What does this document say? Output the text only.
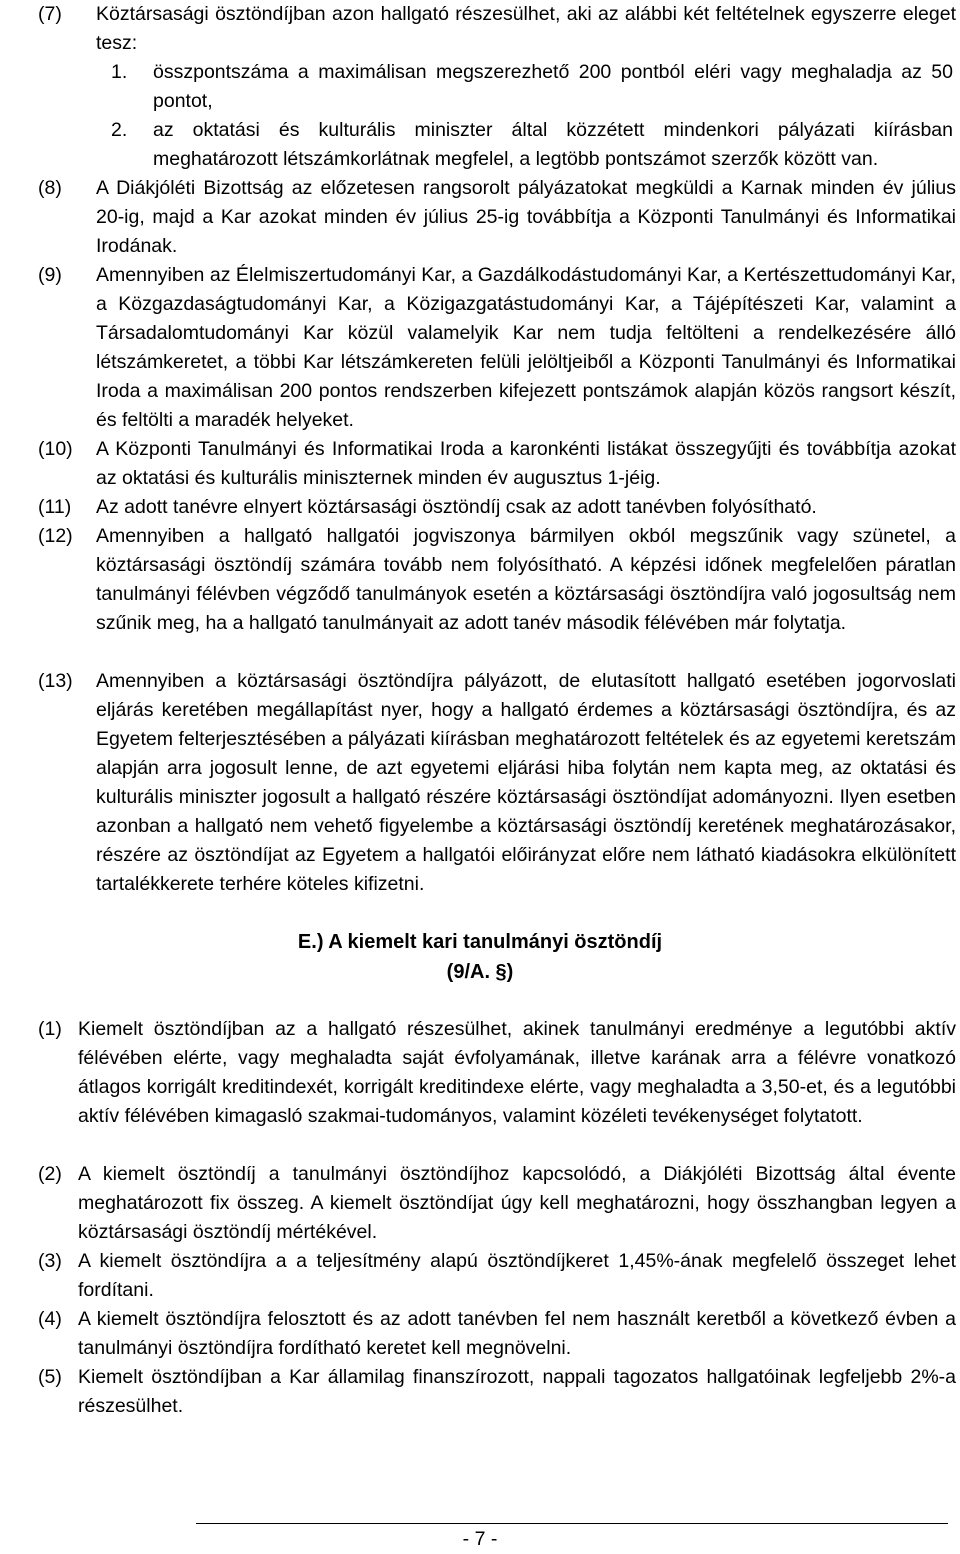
(7) Köztársasági ösztöndíjban azon hallgató részesülhet, aki az alábbi két feltételnek egyszerre eleget tesz:
1. összpontszáma a maximálisan megszerezhető 200 pontból eléri vagy meghaladja az 50 pontot,
2. az oktatási és kulturális miniszter által közzétett mindenkori pályázati kiírásban meghatározott létszámkorlátnak megfelel, a legtöbb pontszámot szerzők között van.
(8) A Diákjóléti Bizottság az előzetesen rangsorolt pályázatokat megküldi a Karnak minden év július 20-ig, majd a Kar azokat minden év július 25-ig továbbítja a Központi Tanulmányi és Informatikai Irodának.
(9) Amennyiben az Élelmiszertudományi Kar, a Gazdálkodástudományi Kar, a Kertészettudományi Kar, a Közgazdaságtudományi Kar, a Közigazgatástudományi Kar, a Tájépítészeti Kar, valamint a Társadalomtudományi Kar közül valamelyik Kar nem tudja feltölteni a rendelkezésére álló létszámkeretet, a többi Kar létszámkereten felüli jelöltjeiből a Központi Tanulmányi és Informatikai Iroda a maximálisan 200 pontos rendszerben kifejezett pontszámok alapján közös rangsort készít, és feltölti a maradék helyeket.
(10) A Központi Tanulmányi és Informatikai Iroda a karonkénti listákat összegyűjti és továbbítja azokat az oktatási és kulturális miniszternek minden év augusztus 1-jéig.
(11) Az adott tanévre elnyert köztársasági ösztöndíj csak az adott tanévben folyósítható.
(12) Amennyiben a hallgató hallgatói jogviszonya bármilyen okból megszűnik vagy szünetel, a köztársasági ösztöndíj számára tovább nem folyósítható. A képzési időnek megfelelően páratlan tanulmányi félévben végződő tanulmányok esetén a köztársasági ösztöndíjra való jogosultság nem szűnik meg, ha a hallgató tanulmányait az adott tanév második félévében már folytatja.
(13) Amennyiben a köztársasági ösztöndíjra pályázott, de elutasított hallgató esetében jogorvoslati eljárás keretében megállapítást nyer, hogy a hallgató érdemes a köztársasági ösztöndíjra, és az Egyetem felterjesztésében a pályázati kiírásban meghatározott feltételek és az egyetemi keretszám alapján arra jogosult lenne, de azt egyetemi eljárási hiba folytán nem kapta meg, az oktatási és kulturális miniszter jogosult a hallgató részére köztársasági ösztöndíjat adományozni. Ilyen esetben azonban a hallgató nem vehető figyelembe a köztársasági ösztöndíj keretének meghatározásakor, részére az ösztöndíjat az Egyetem a hallgatói előirányzat előre nem látható kiadásokra elkülönített tartalékkerete terhére köteles kifizetni.
E.) A kiemelt kari tanulmányi ösztöndíj
(9/A. §)
(1) Kiemelt ösztöndíjban az a hallgató részesülhet, akinek tanulmányi eredménye a legutóbbi aktív félévében elérte, vagy meghaladta saját évfolyamának, illetve karának arra a félévre vonatkozó átlagos korrigált kreditindexét, korrigált kreditindexe elérte, vagy meghaladta a 3,50-et, és a legutóbbi aktív félévében kimagasló szakmai-tudományos, valamint közéleti tevékenységet folytatott.
(2) A kiemelt ösztöndíj a tanulmányi ösztöndíjhoz kapcsolódó, a Diákjóléti Bizottság által évente meghatározott fix összeg. A kiemelt ösztöndíjat úgy kell meghatározni, hogy összhangban legyen a köztársasági ösztöndíj mértékével.
(3) A kiemelt ösztöndíjra a a teljesítmény alapú ösztöndíjkeret 1,45%-ának megfelelő összeget lehet fordítani.
(4) A kiemelt ösztöndíjra felosztott és az adott tanévben fel nem használt keretből a következő évben a tanulmányi ösztöndíjra fordítható keretet kell megnövelni.
(5) Kiemelt ösztöndíjban a Kar államilag finanszírozott, nappali tagozatos hallgatóinak legfeljebb 2%-a részesülhet.
- 7 -
